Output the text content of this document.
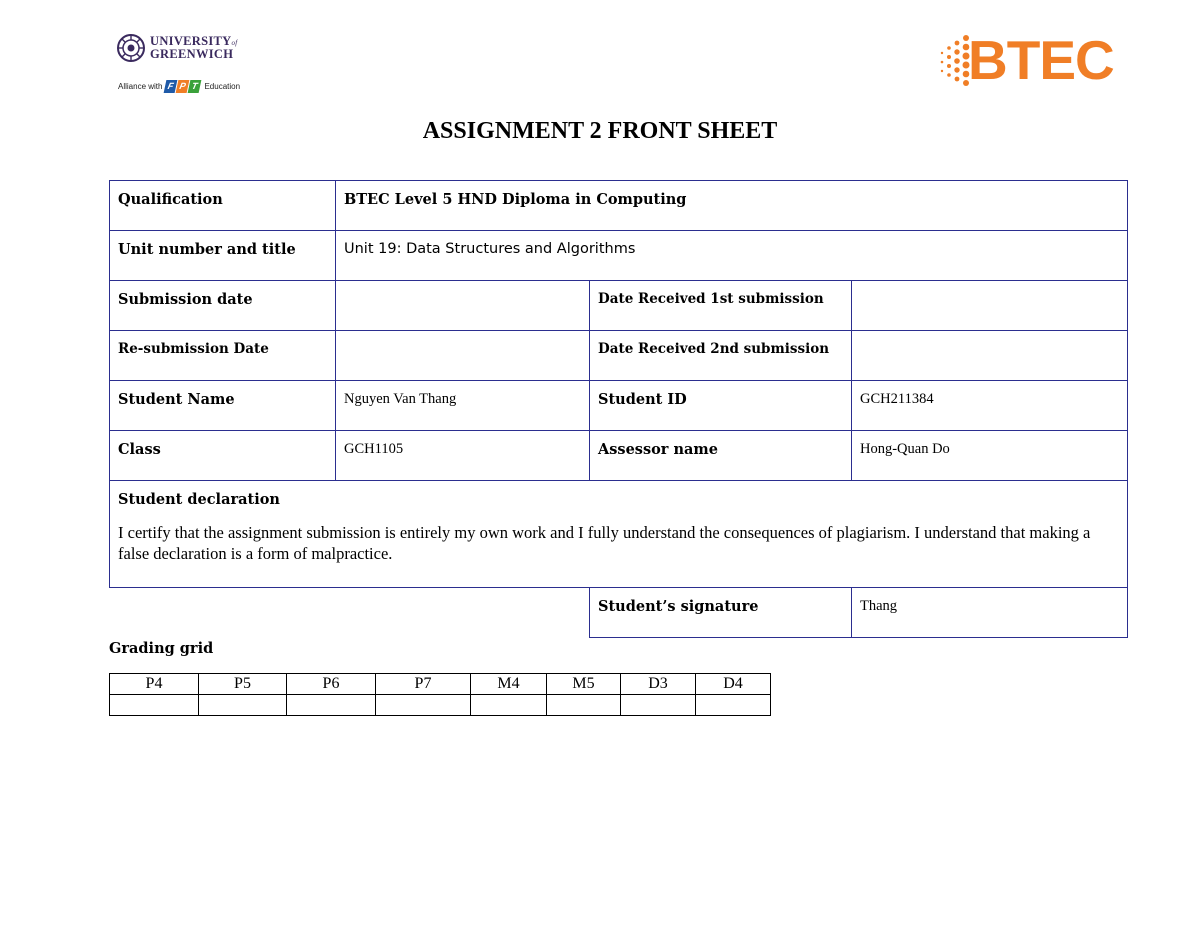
UNIVERSITYof
GREENWICH
Alliance with F P T Education	BTEC
ASSIGNMENT 2 FRONT SHEET
Qualification	BTEC Level 5 HND Diploma in Computing		
Unit number and title	Unit 19: Data Structures and Algorithms		
Submission date		Date Received 1st submission	
Re-submission Date		Date Received 2nd submission	
Student Name	Nguyen Van Thang	Student ID	GCH211384
Class	GCH1105	Assessor name	Hong-Quan Do

Student declaration
I certify that the assignment submission is entirely my own work and I fully understand the consequences of plagiarism. I understand that making a false declaration is a form of malpractice.			

		Student’s signature	Thang
Grading grid
P4	P5	P6	P7	M4	M5	D3	D4
